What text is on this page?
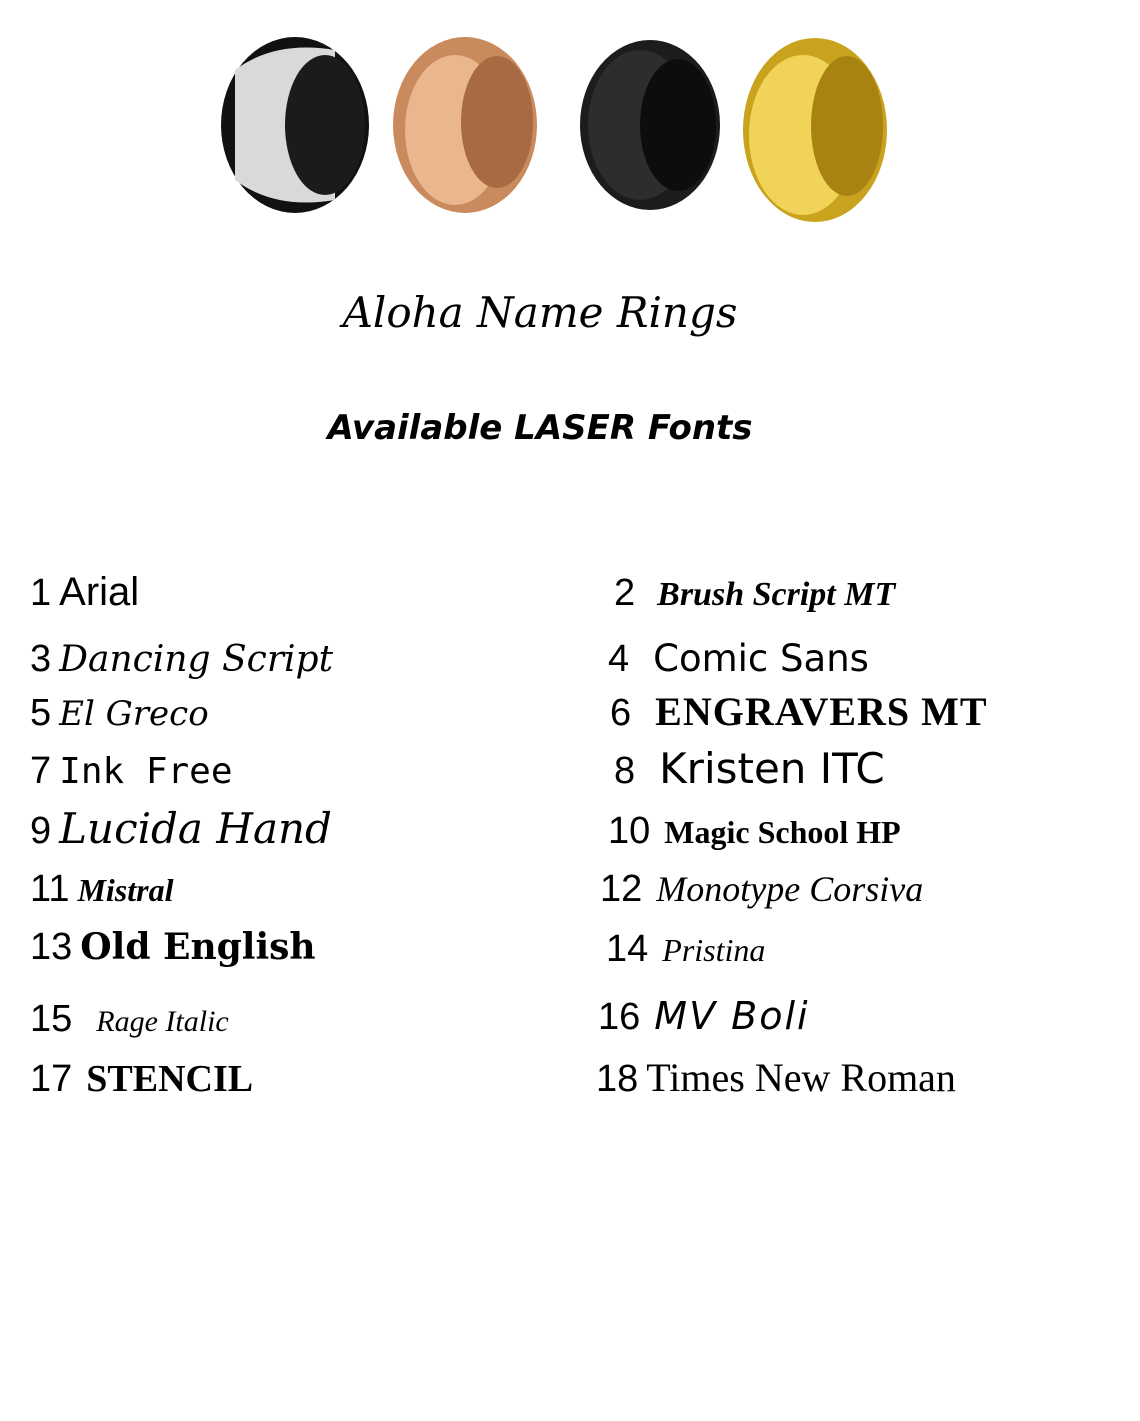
Aloha Name Rings
Available LASER Fonts
1 Arial	2 Brush Script MT
3 Dancing Script	4 Comic Sans
5 El Greco	6 ENGRAVERS MT
7 Ink Free	8 Kristen ITC
9 Lucida Hand	10 Magic School HP
11 Mistral	12 Monotype Corsiva
13 Old English	14 Pristina
15 Rage Italic	16 MV Boli
17 STENCIL	18 Times New Roman
